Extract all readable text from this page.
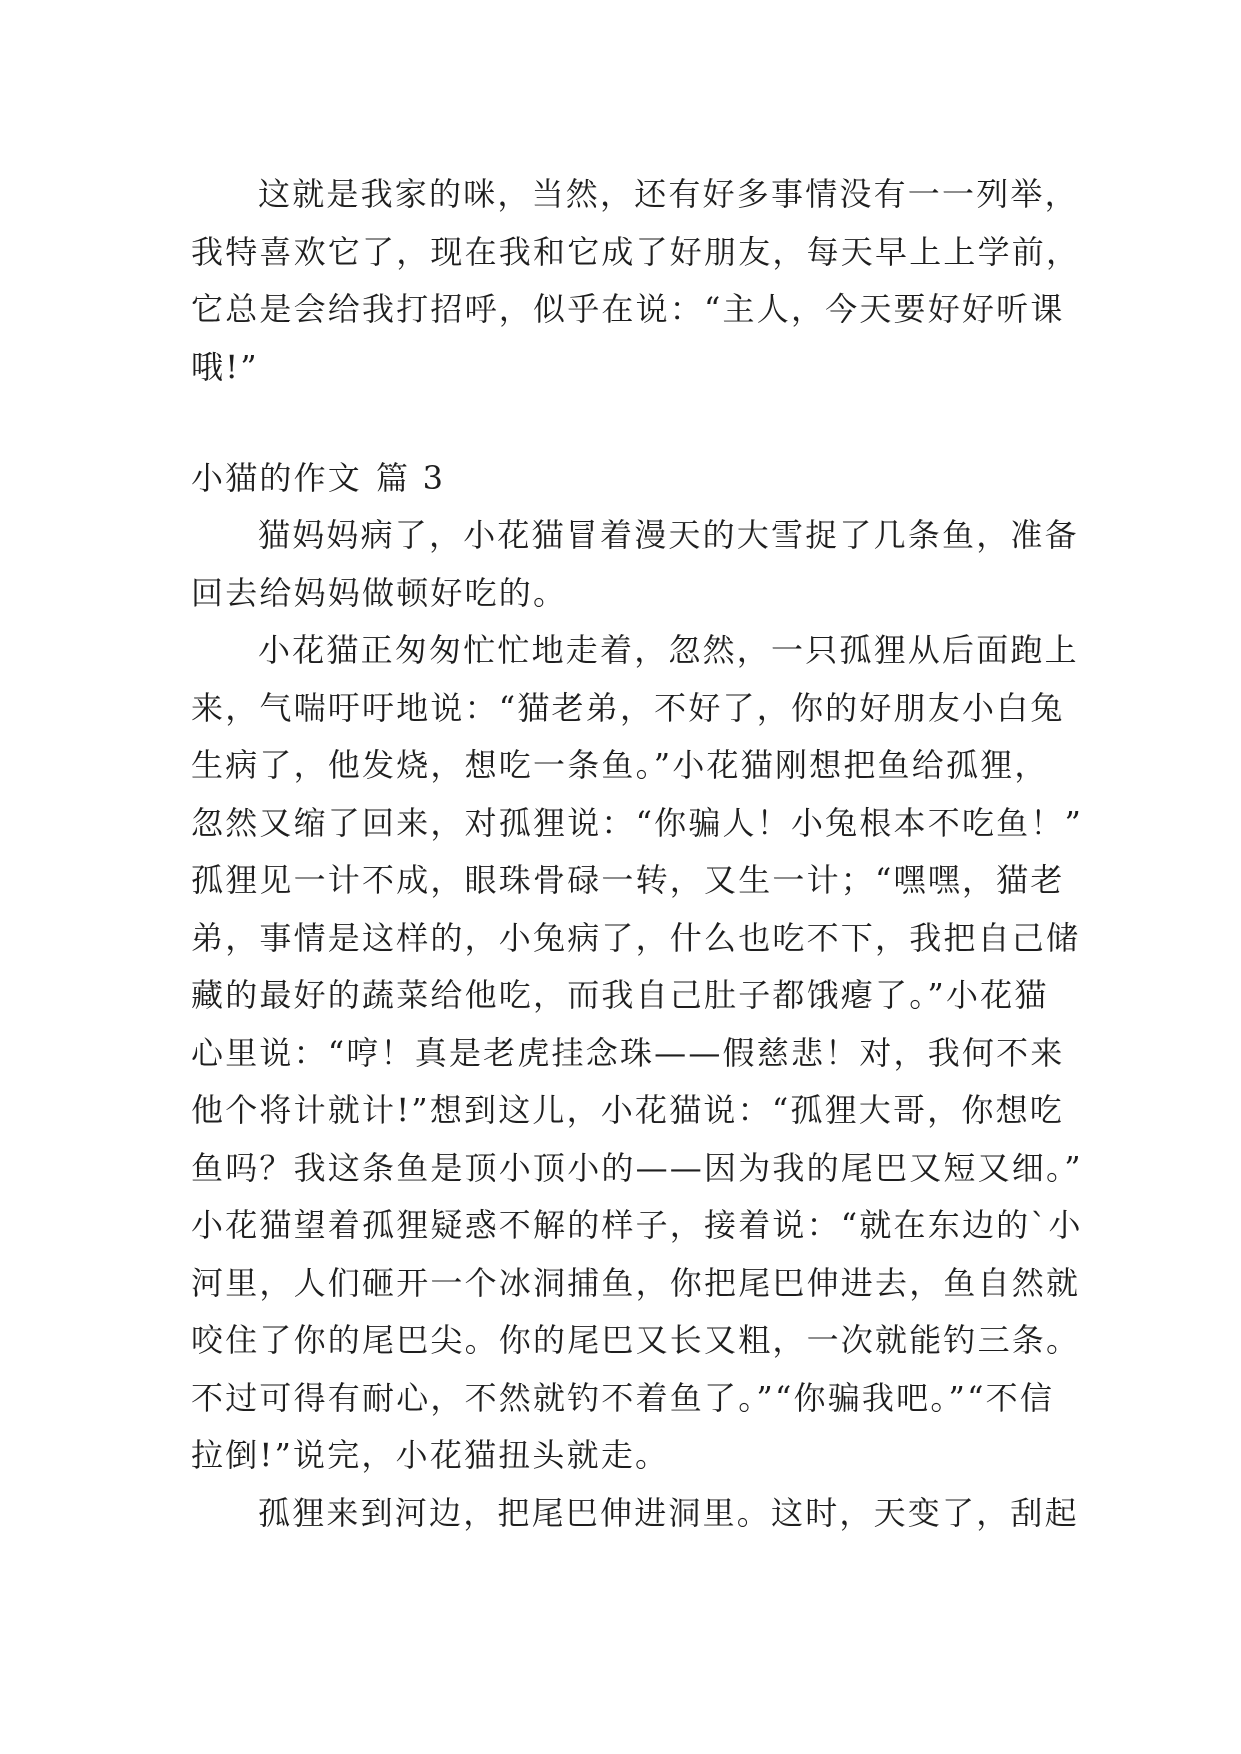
这就是我家的咪，当然，还有好多事情没有一一列举，
我特喜欢它了，现在我和它成了好朋友，每天早上上学前，
它总是会给我打招呼，似乎在说：“主人，今天要好好听课
哦!”
小猫的作文 篇 3
猫妈妈病了，小花猫冒着漫天的大雪捉了几条鱼，准备
回去给妈妈做顿好吃的。
小花猫正匆匆忙忙地走着，忽然，一只孤狸从后面跑上
来，气喘吁吁地说：“猫老弟，不好了，你的好朋友小白兔
生病了，他发烧，想吃一条鱼。”小花猫刚想把鱼给孤狸，
忽然又缩了回来，对孤狸说：“你骗人！小兔根本不吃鱼！”
孤狸见一计不成，眼珠骨碌一转，又生一计；“嘿嘿，猫老
弟，事情是这样的，小兔病了，什么也吃不下，我把自己储
藏的最好的蔬菜给他吃，而我自己肚子都饿瘪了。”小花猫
心里说：“哼！真是老虎挂念珠——假慈悲！对，我何不来
他个将计就计!”想到这儿，小花猫说：“孤狸大哥，你想吃
鱼吗？我这条鱼是顶小顶小的——因为我的尾巴又短又细。”
小花猫望着孤狸疑惑不解的样子，接着说：“就在东边的`小
河里，人们砸开一个冰洞捕鱼，你把尾巴伸进去，鱼自然就
咬住了你的尾巴尖。你的尾巴又长又粗，一次就能钓三条。
不过可得有耐心，不然就钓不着鱼了。”“你骗我吧。”“不信
拉倒!”说完，小花猫扭头就走。
孤狸来到河边，把尾巴伸进洞里。这时，天变了，刮起
